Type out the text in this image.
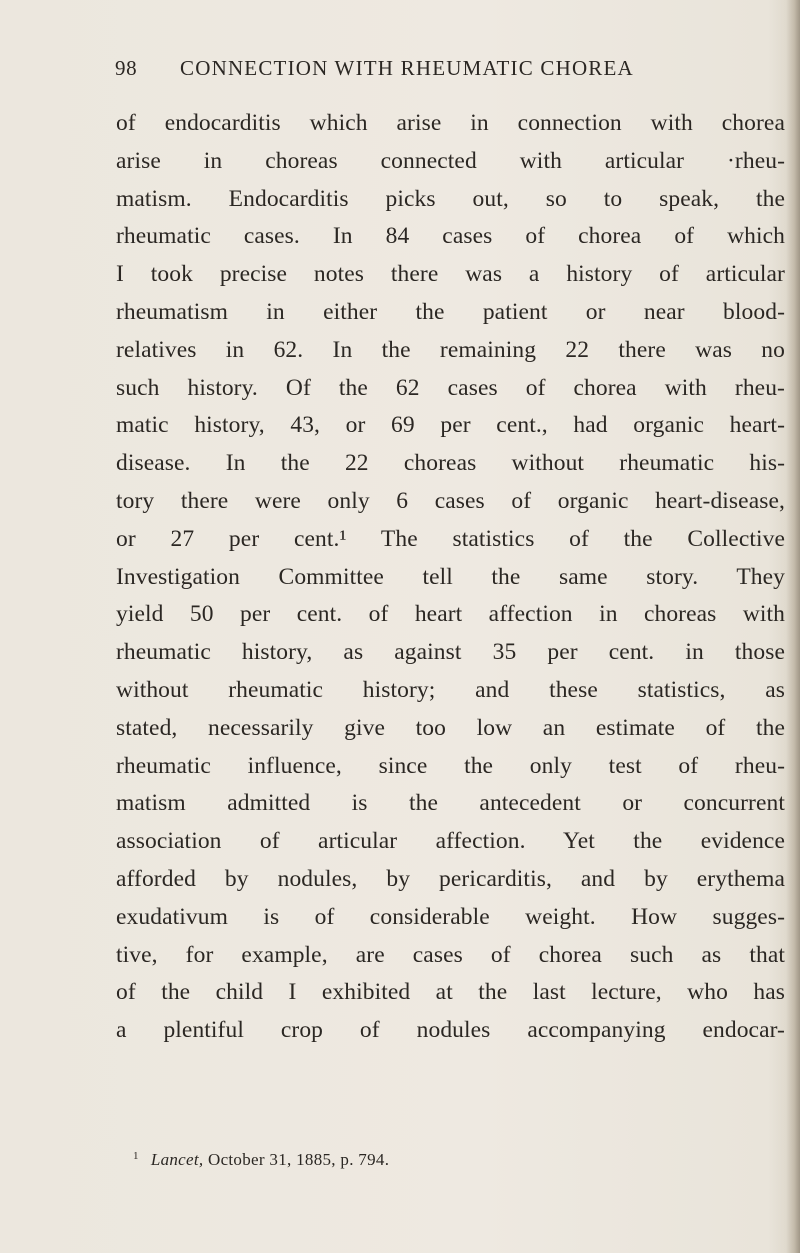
98 CONNECTION WITH RHEUMATIC CHOREA
of endocarditis which arise in connection with chorea
arise in choreas connected with articular ·rheu-
matism. Endocarditis picks out, so to speak, the
rheumatic cases. In 84 cases of chorea of which
I took precise notes there was a history of articular
rheumatism in either the patient or near blood-
relatives in 62. In the remaining 22 there was no
such history. Of the 62 cases of chorea with rheu-
matic history, 43, or 69 per cent., had organic heart-
disease. In the 22 choreas without rheumatic his-
tory there were only 6 cases of organic heart-disease,
or 27 per cent.¹ The statistics of the Collective
Investigation Committee tell the same story. They
yield 50 per cent. of heart affection in choreas with
rheumatic history, as against 35 per cent. in those
without rheumatic history; and these statistics, as
stated, necessarily give too low an estimate of the
rheumatic influence, since the only test of rheu-
matism admitted is the antecedent or concurrent
association of articular affection. Yet the evidence
afforded by nodules, by pericarditis, and by erythema
exudativum is of considerable weight. How sugges-
tive, for example, are cases of chorea such as that
of the child I exhibited at the last lecture, who has
a plentiful crop of nodules accompanying endocar-
$^1$ Lancet, October 31, 1885, p. 794.
